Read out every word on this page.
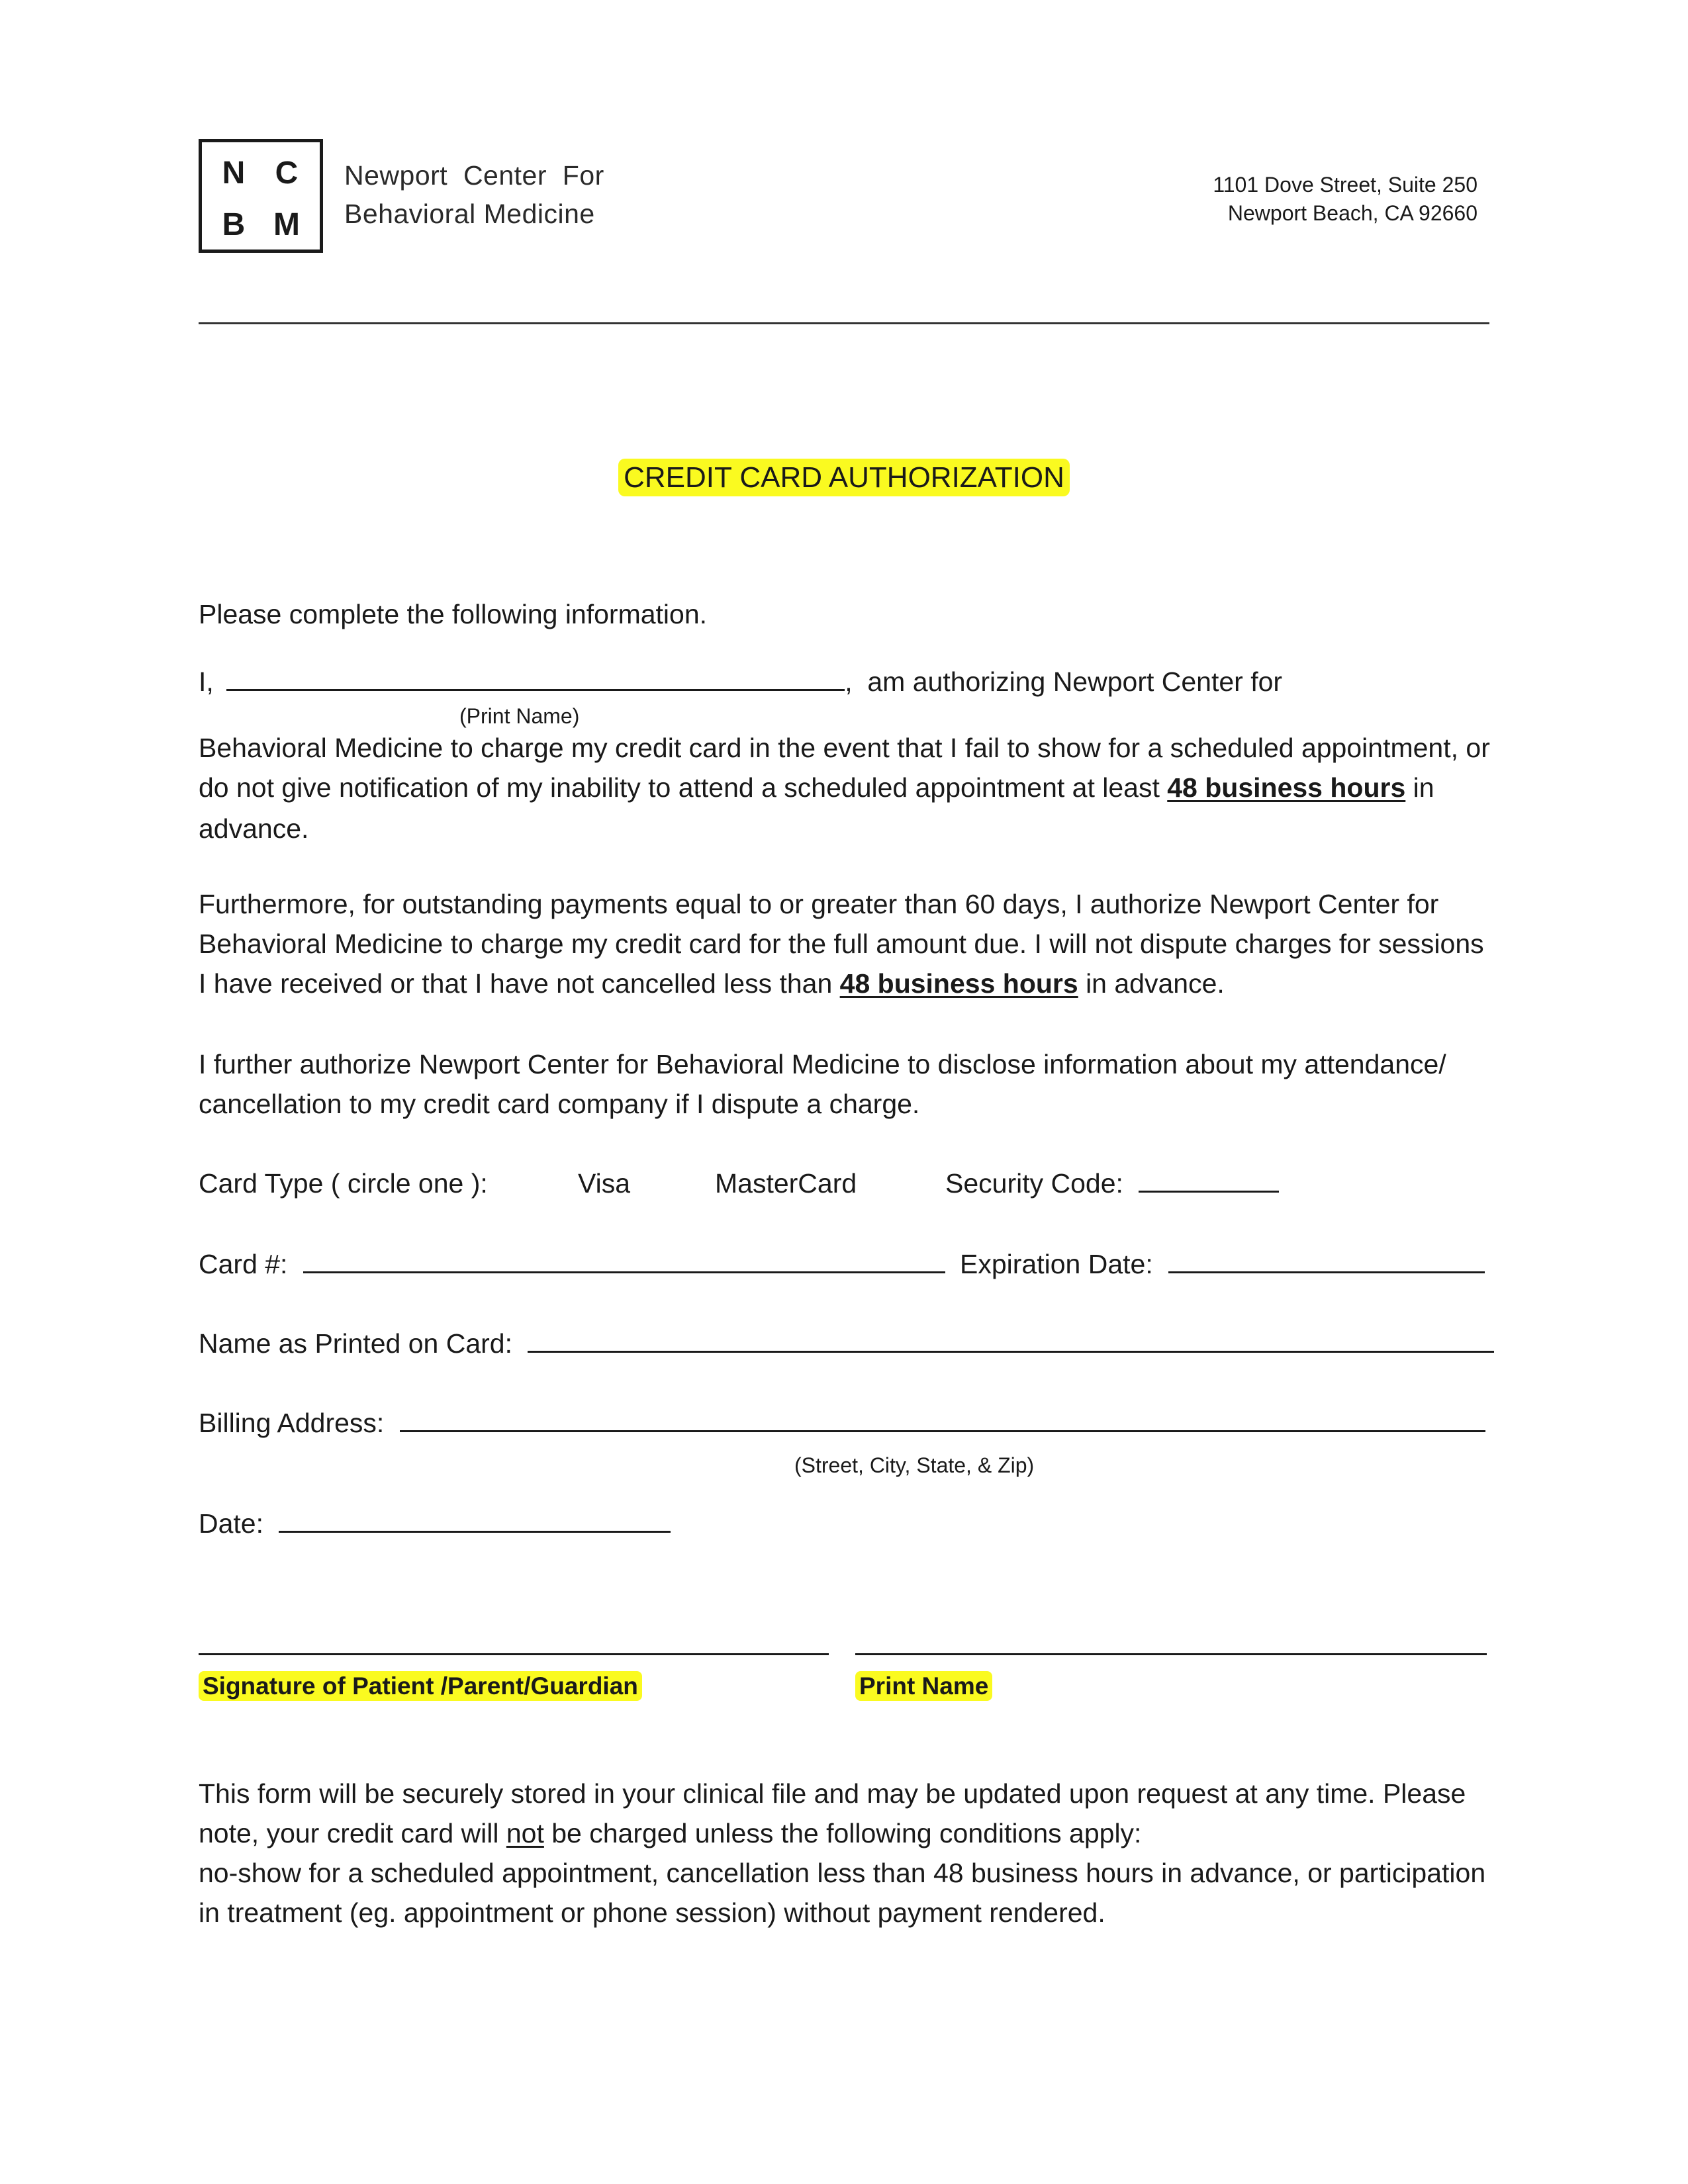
N C
B M
Newport  Center  For
Behavioral Medicine
1101 Dove Street, Suite 250
Newport Beach, CA 92660
CREDIT CARD AUTHORIZATION
Please complete the following information.
I,	,  am authorizing Newport Center for
(Print Name)
Behavioral Medicine to charge my credit card in the event that I fail to show for a scheduled appointment, or
do not give notification of my inability to attend a scheduled appointment at least 48 business hours in
advance.
Furthermore, for outstanding payments equal to or greater than 60 days, I authorize Newport Center for
Behavioral Medicine to charge my credit card for the full amount due. I will not dispute charges for sessions
I have received or that I have not cancelled less than 48 business hours in advance.
I further authorize Newport Center for Behavioral Medicine to disclose information about my attendance/
cancellation to my credit card company if I dispute a charge.
Card Type ( circle one ):	Visa	MasterCard	Security Code:
Card #:	Expiration Date:
Name as Printed on Card:
Billing Address:
(Street, City, State, & Zip)
Date:
Signature of Patient /Parent/Guardian	Print Name
This form will be securely stored in your clinical file and may be updated upon request at any time. Please
note, your credit card will not be charged unless the following conditions apply:
no-show for a scheduled appointment, cancellation less than 48 business hours in advance, or participation
in treatment (eg. appointment or phone session) without payment rendered.
